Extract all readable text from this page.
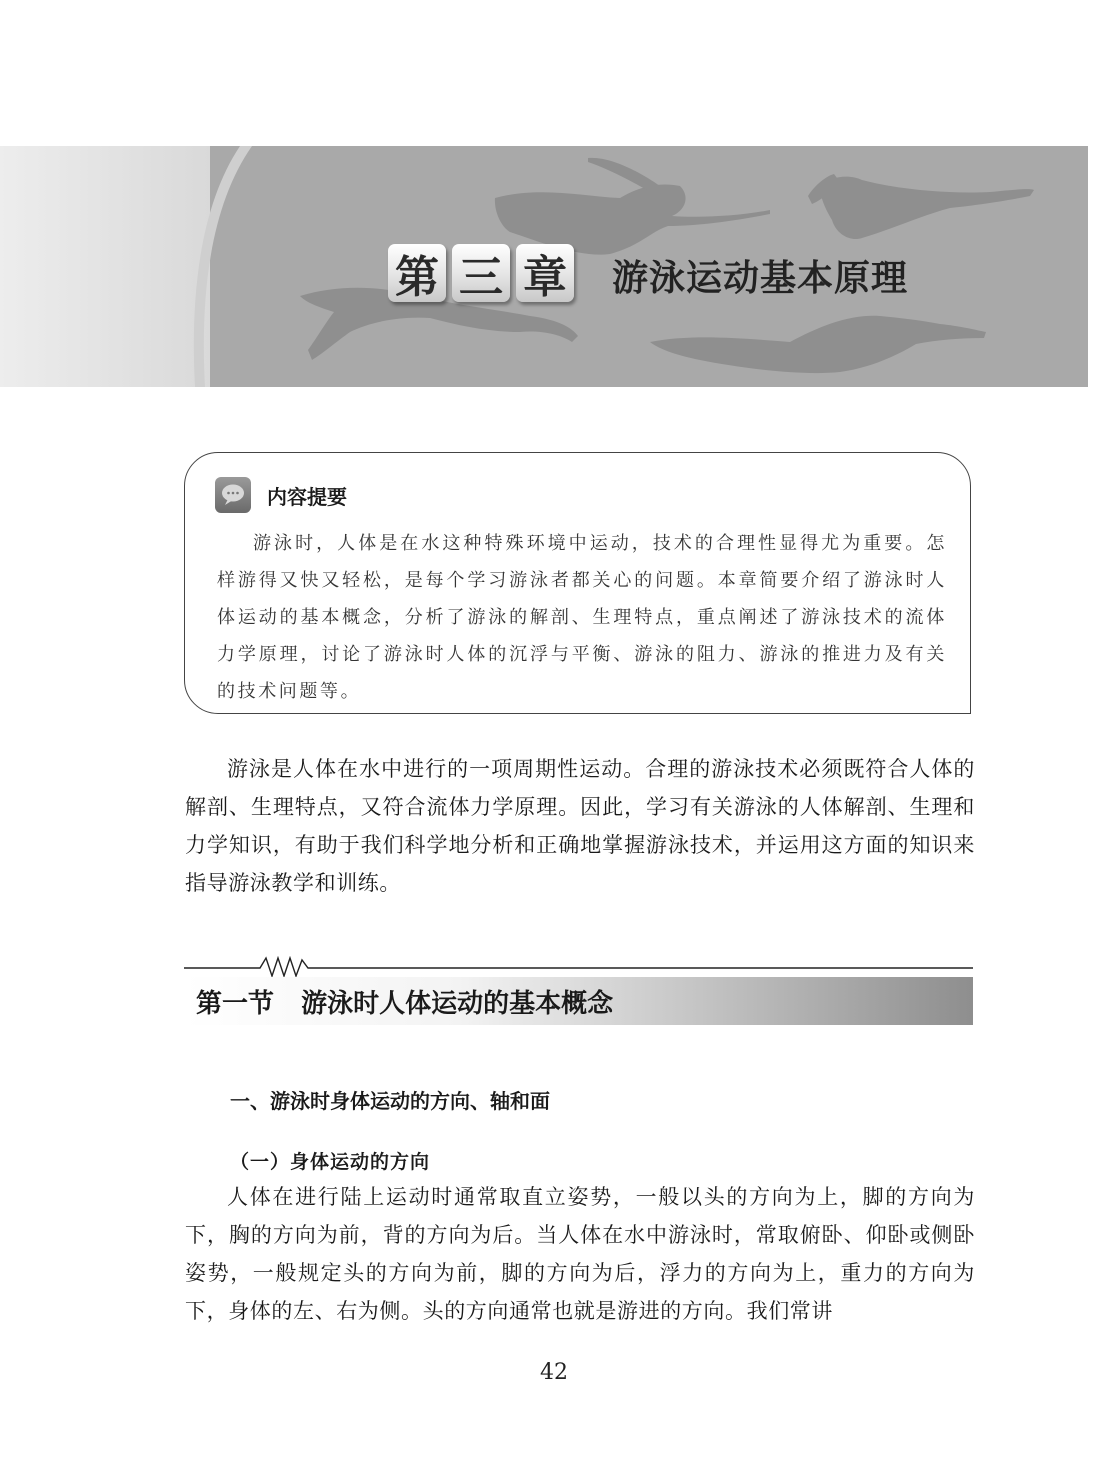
第 三 章 游泳运动基本原理
内容提要

游泳时，人体是在水这种特殊环境中运动，技术的合理性显得尤为重要。怎样游得又快又轻松，是每个学习游泳者都关心的问题。本章简要介绍了游泳时人体运动的基本概念，分析了游泳的解剖、生理特点，重点阐述了游泳技术的流体力学原理，讨论了游泳时人体的沉浮与平衡、游泳的阻力、游泳的推进力及有关的技术问题等。

游泳是人体在水中进行的一项周期性运动。合理的游泳技术必须既符合人体的解剖、生理特点，又符合流体力学原理。因此，学习有关游泳的人体解剖、生理和力学知识，有助于我们科学地分析和正确地掌握游泳技术，并运用这方面的知识来指导游泳教学和训练。

第一节   游泳时人体运动的基本概念
一、游泳时身体运动的方向、轴和面
（一）身体运动的方向

人体在进行陆上运动时通常取直立姿势，一般以头的方向为上，脚的方向为下，胸的方向为前，背的方向为后。当人体在水中游泳时，常取俯卧、仰卧或侧卧姿势，一般规定头的方向为前，脚的方向为后，浮力的方向为上，重力的方向为下，身体的左、右为侧。头的方向通常也就是游进的方向。我们常讲

42
